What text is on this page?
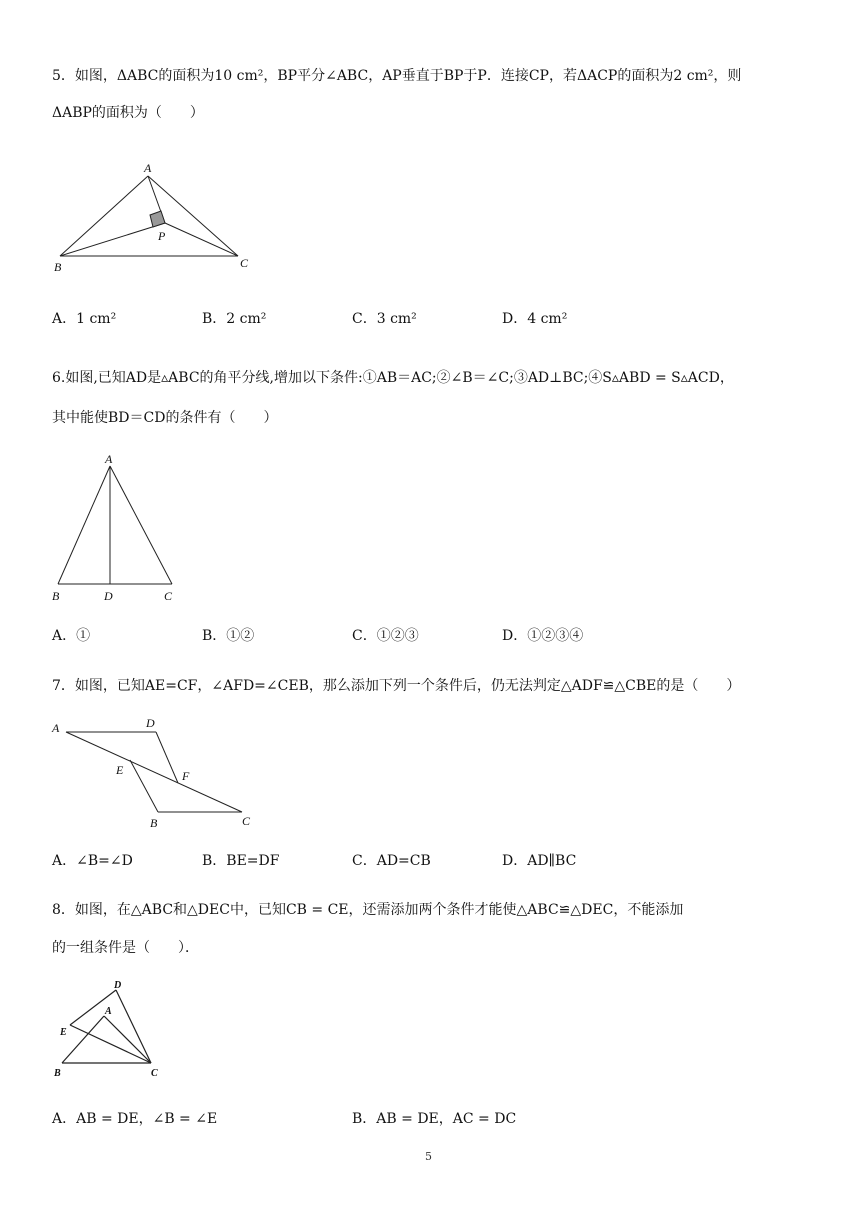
5．如图，ΔABC的面积为10 cm²，BP平分∠ABC，AP垂直于BP于P．连接CP，若ΔACP的面积为2 cm²，则
ΔABP的面积为（　　）
A
P
B	C
A．1 cm²	B．2 cm²	C．3 cm²	D．4 cm²
6.如图,已知AD是▵ABC的角平分线,增加以下条件:①AB＝AC;②∠B＝∠C;③AD⊥BC;④S▵ABD = S▵ACD，
其中能使BD＝CD的条件有（　　）
A
B	D	C
A．①	B．①②	C．①②③	D．①②③④
7．如图，已知AE=CF，∠AFD=∠CEB，那么添加下列一个条件后，仍无法判定△ADF≌△CBE的是（　　）
A	D
E	F
B	C
A．∠B=∠D	B．BE=DF	C．AD=CB	D．AD∥BC
8．如图，在△ABC和△DEC中，已知CB = CE，还需添加两个条件才能使△ABC≌△DEC，不能添加
的一组条件是（　　）．
D
A
E
B	C
A．AB = DE，∠B = ∠E	B．AB = DE，AC = DC
5
